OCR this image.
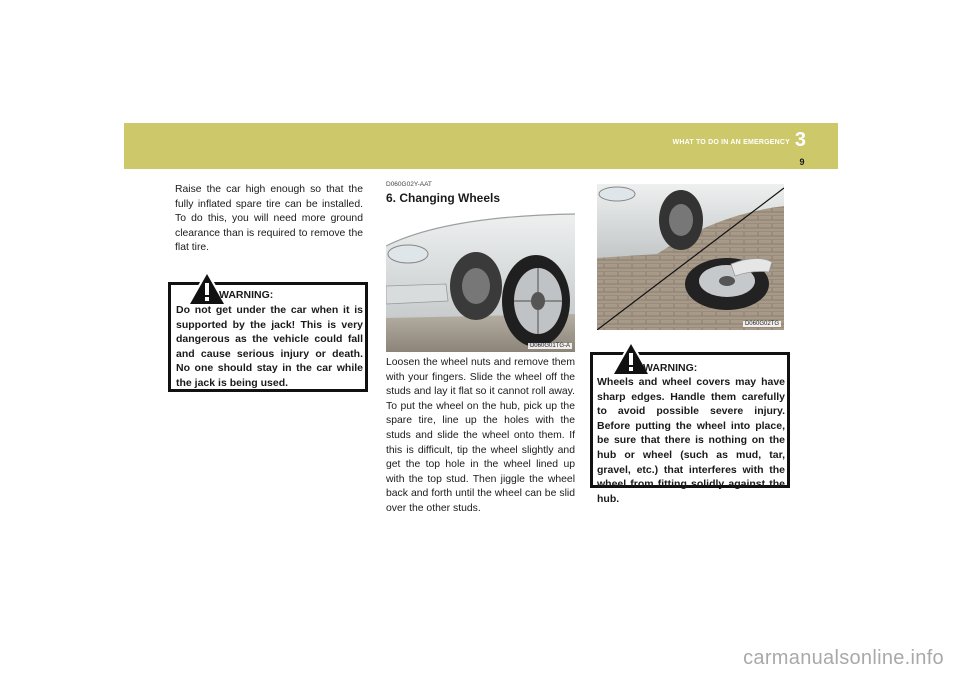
WHAT TO DO IN AN EMERGENCY 3
9

Raise the car high enough so that the fully inflated spare tire can be installed. To do this, you will need more ground clearance than is required to remove the flat tire.

WARNING:

Do not get under the car when it is supported by the jack! This is very dangerous as the vehicle could fall and cause serious injury or death. No one should stay in the car while the jack is being used.

D060G02Y-AAT
6. Changing Wheels
D060G01TG-A

Loosen the wheel nuts and remove them with your fingers. Slide the wheel off the studs and lay it flat so it cannot roll away. To put the wheel on the hub, pick up the spare tire, line up the holes with the studs and slide the wheel onto them. If this is difficult, tip the wheel slightly and get the top hole in the wheel lined up with the top stud. Then jiggle the wheel back and forth until the wheel can be slid over the other studs.

D060G02TG
WARNING:

Wheels and wheel covers may have sharp edges. Handle them carefully to avoid possible severe injury. Before putting the wheel into place, be sure that there is nothing on the hub or wheel (such as mud, tar, gravel, etc.) that interferes with the wheel from fitting solidly against the hub.

carmanualsonline.info
